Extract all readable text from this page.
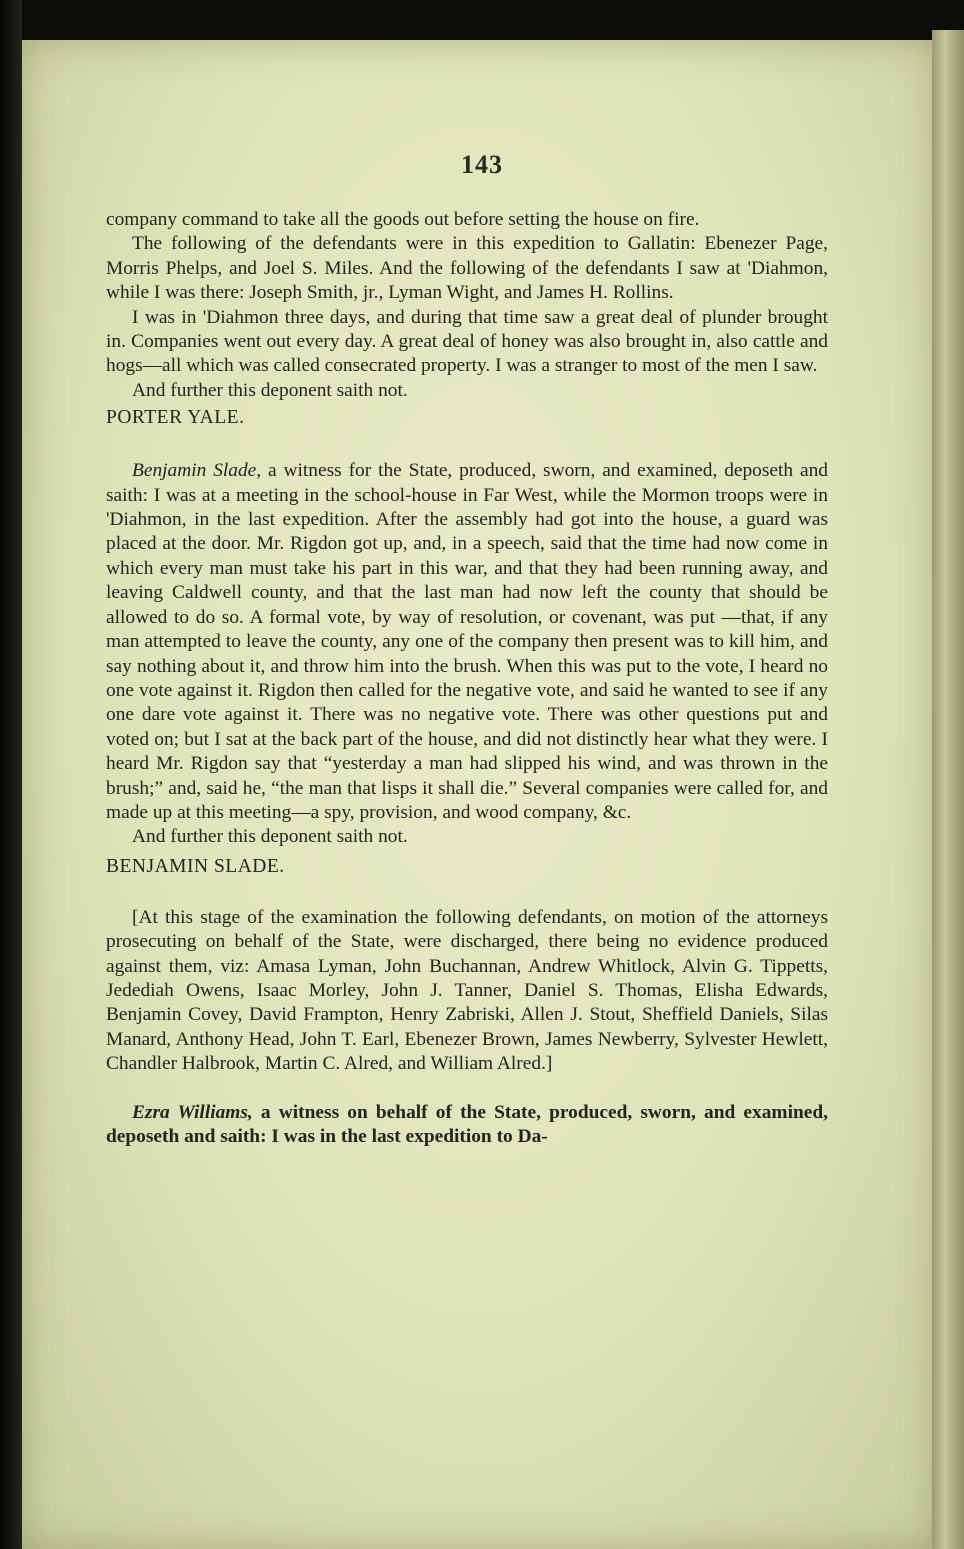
143

company command to take all the goods out before setting the house on fire.

The following of the defendants were in this expedition to Gallatin: Ebenezer Page, Morris Phelps, and Joel S. Miles. And the following of the defendants I saw at 'Diahmon, while I was there: Joseph Smith, jr., Lyman Wight, and James H. Rollins.

I was in 'Diahmon three days, and during that time saw a great deal of plunder brought in. Companies went out every day. A great deal of honey was also brought in, also cattle and hogs—all which was called consecrated property. I was a stranger to most of the men I saw.

And further this deponent saith not.

PORTER YALE.

Benjamin Slade, a witness for the State, produced, sworn, and examined, deposeth and saith: I was at a meeting in the school-house in Far West, while the Mormon troops were in 'Diahmon, in the last expedition. After the assembly had got into the house, a guard was placed at the door. Mr. Rigdon got up, and, in a speech, said that the time had now come in which every man must take his part in this war, and that they had been running away, and leaving Caldwell county, and that the last man had now left the county that should be allowed to do so. A formal vote, by way of resolution, or covenant, was put —that, if any man attempted to leave the county, any one of the company then present was to kill him, and say nothing about it, and throw him into the brush. When this was put to the vote, I heard no one vote against it. Rigdon then called for the negative vote, and said he wanted to see if any one dare vote against it. There was no negative vote. There was other questions put and voted on; but I sat at the back part of the house, and did not distinctly hear what they were. I heard Mr. Rigdon say that “yesterday a man had slipped his wind, and was thrown in the brush;” and, said he, “the man that lisps it shall die.” Several companies were called for, and made up at this meeting—a spy, provision, and wood company, &c.

And further this deponent saith not.

BENJAMIN SLADE.

[At this stage of the examination the following defendants, on motion of the attorneys prosecuting on behalf of the State, were discharged, there being no evidence produced against them, viz: Amasa Lyman, John Buchannan, Andrew Whitlock, Alvin G. Tippetts, Jedediah Owens, Isaac Morley, John J. Tanner, Daniel S. Thomas, Elisha Edwards, Benjamin Covey, David Frampton, Henry Zabriski, Allen J. Stout, Sheffield Daniels, Silas Manard, Anthony Head, John T. Earl, Ebenezer Brown, James Newberry, Sylvester Hewlett, Chandler Halbrook, Martin C. Alred, and William Alred.]

Ezra Williams, a witness on behalf of the State, produced, sworn, and examined, deposeth and saith: I was in the last expedition to Da-
